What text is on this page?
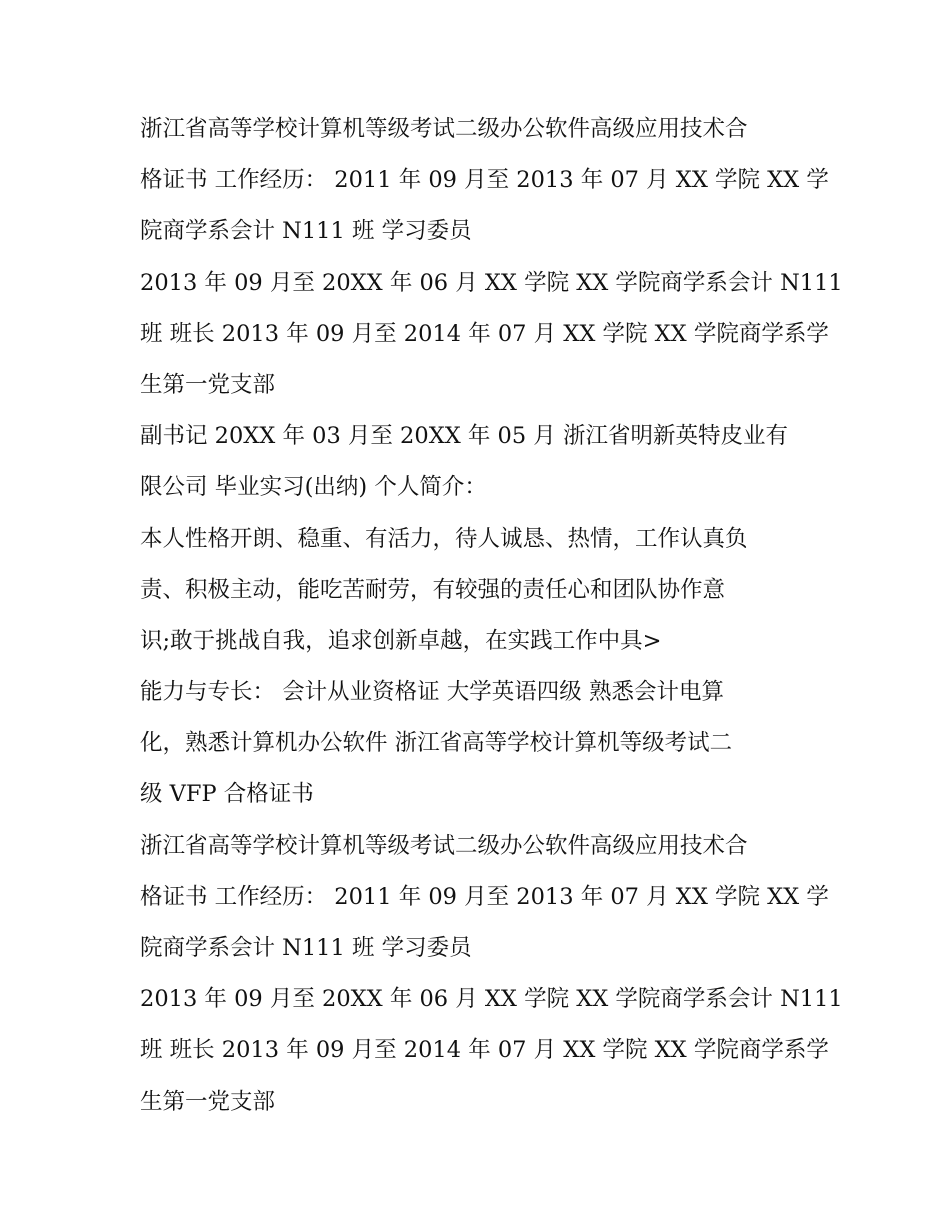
浙江省高等学校计算机等级考试二级办公软件高级应用技术合
格证书 工作经历： 2011 年 09 月至 2013 年 07 月 XX 学院 XX 学
院商学系会计 N111 班 学习委员
2013 年 09 月至 20XX 年 06 月 XX 学院 XX 学院商学系会计 N111
班 班长 2013 年 09 月至 2014 年 07 月 XX 学院 XX 学院商学系学
生第一党支部
副书记 20XX 年 03 月至 20XX 年 05 月 浙江省明新英特皮业有
限公司 毕业实习(出纳) 个人简介：
本人性格开朗、稳重、有活力，待人诚恳、热情，工作认真负
责、积极主动，能吃苦耐劳，有较强的责任心和团队协作意
识;敢于挑战自我，追求创新卓越，在实践工作中具>
能力与专长： 会计从业资格证 大学英语四级 熟悉会计电算
化，熟悉计算机办公软件 浙江省高等学校计算机等级考试二
级 VFP 合格证书
浙江省高等学校计算机等级考试二级办公软件高级应用技术合
格证书 工作经历： 2011 年 09 月至 2013 年 07 月 XX 学院 XX 学
院商学系会计 N111 班 学习委员
2013 年 09 月至 20XX 年 06 月 XX 学院 XX 学院商学系会计 N111
班 班长 2013 年 09 月至 2014 年 07 月 XX 学院 XX 学院商学系学
生第一党支部
